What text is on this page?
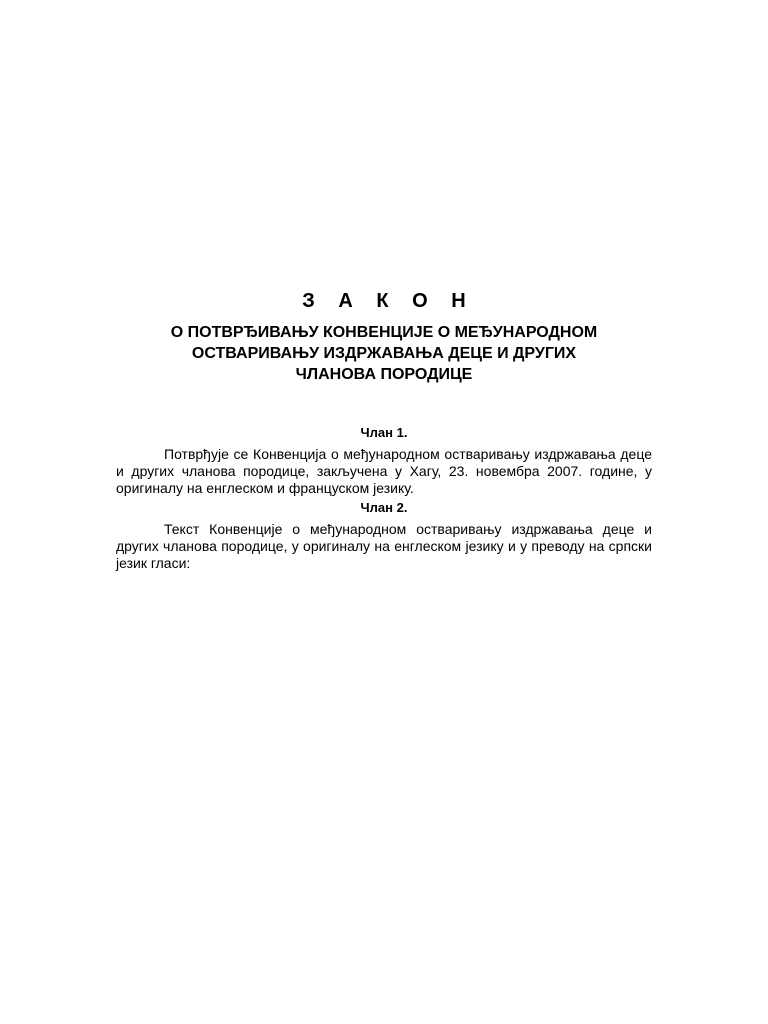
З А К О Н
О ПОТВРЂИВАЊУ КОНВЕНЦИЈЕ О МЕЂУНАРОДНОМ ОСТВАРИВАЊУ ИЗДРЖАВАЊА ДЕЦЕ И ДРУГИХ ЧЛАНОВА ПОРОДИЦЕ
Члан 1.

Потврђује се Конвенција о међународном остваривању издржавања деце и других чланова породице, закључена у Хагу, 23. новембра 2007. године, у оригиналу на енглеском и француском језику.

Члан 2.

Текст Конвенције о међународном остваривању издржавања деце и других чланова породице, у оригиналу на енглеском језику и у преводу на српски језик гласи:
